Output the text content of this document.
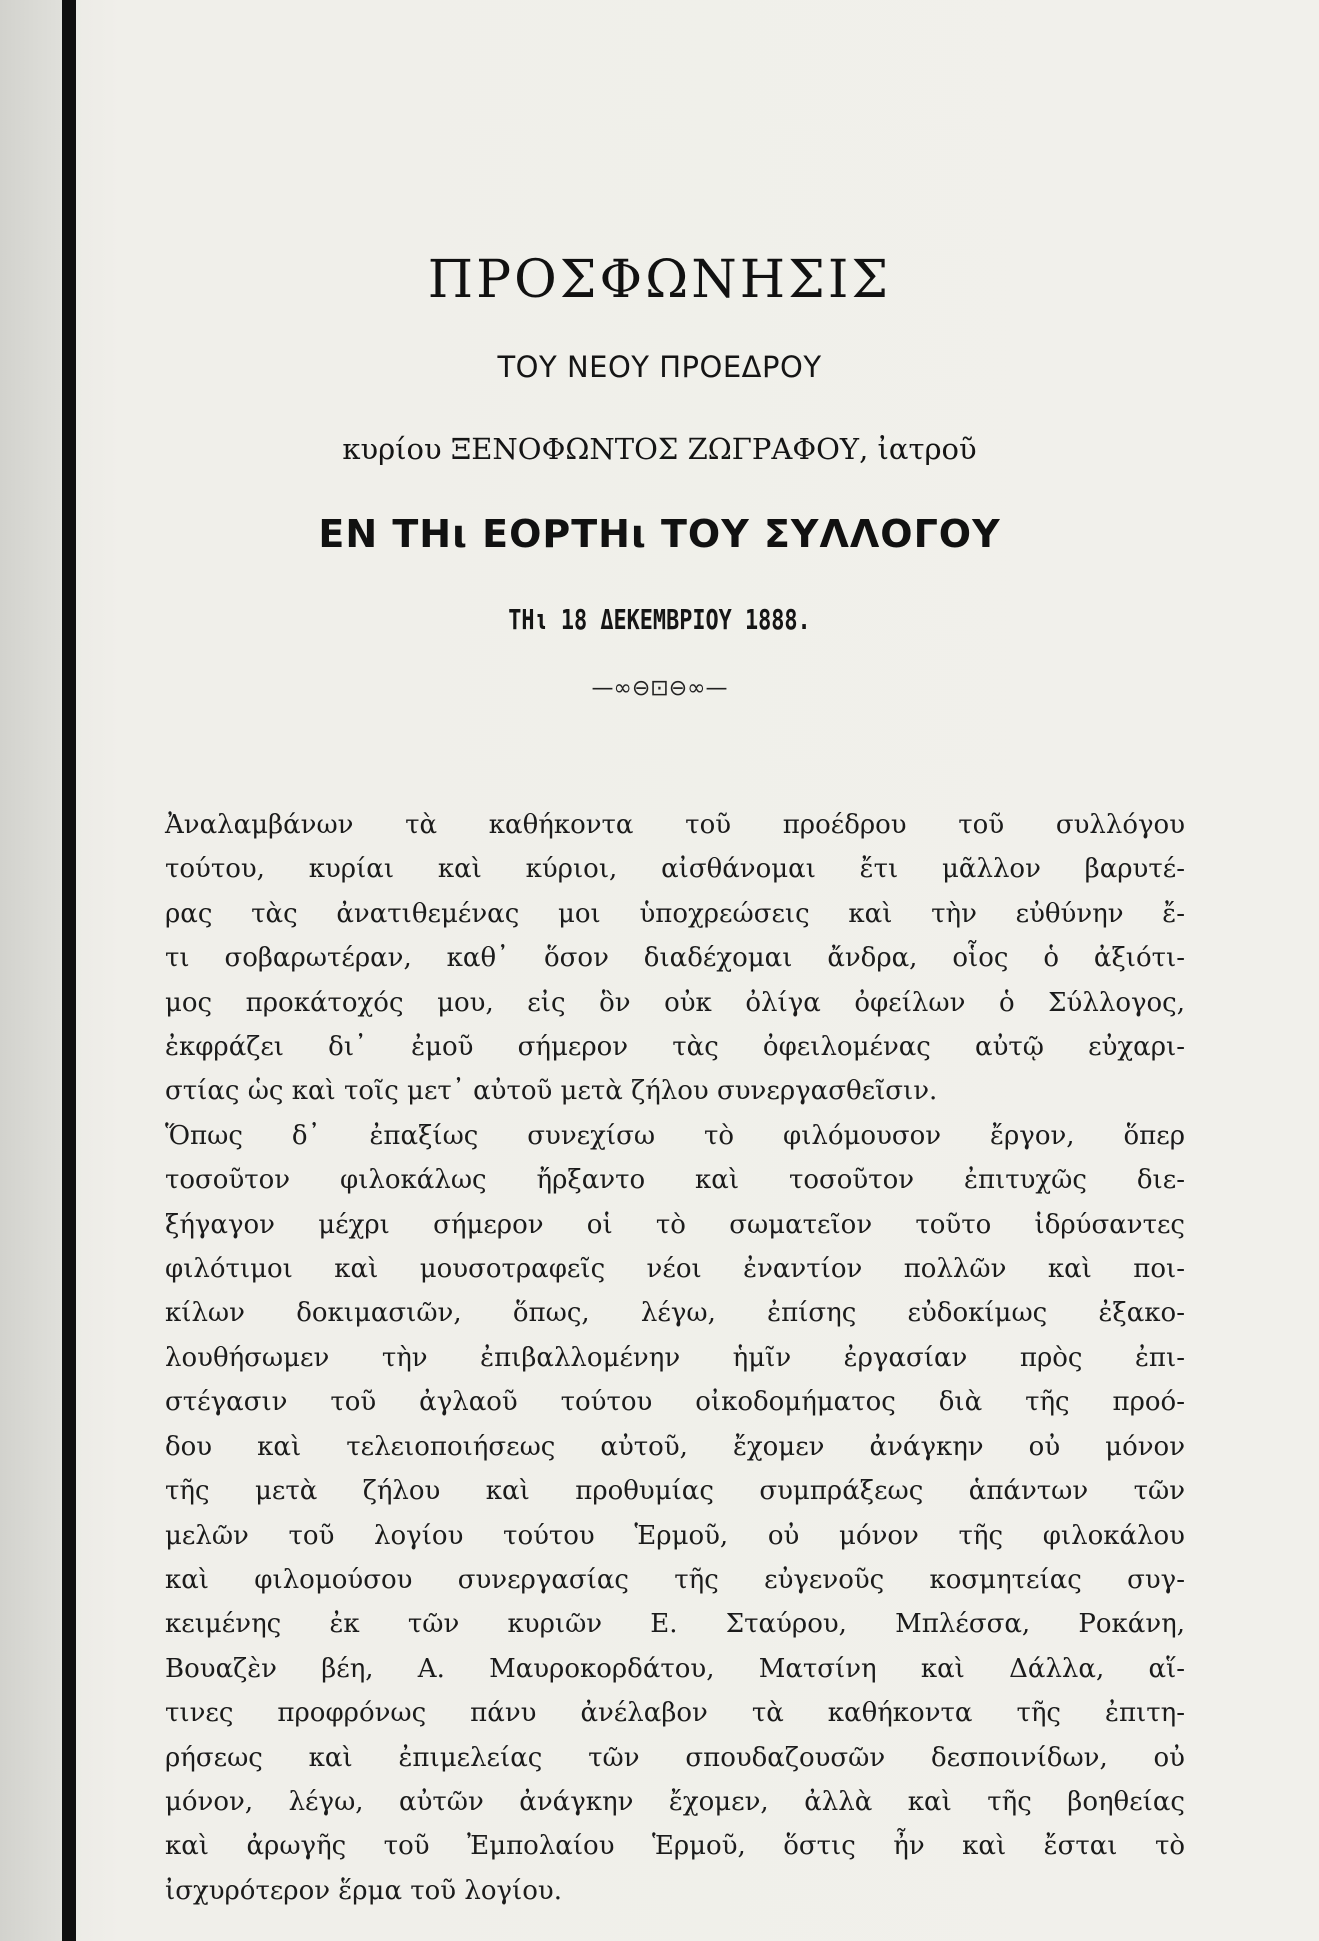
ΠΡΟΣΦΩΝΗΣΙΣ
ΤΟΥ ΝΕΟΥ ΠΡΟΕΔΡΟΥ
κυρίου ΞΕΝΟΦΩΝΤΟΣ ΖΩΓΡΑΦΟΥ, ἰατροῦ
ΕΝ ΤΗι ΕΟΡΤΗι ΤΟΥ ΣΥΛΛΟΓΟΥ
ΤΗι 18 ΔΕΚΕΜΒΡΙΟΥ 1888.
—∞⊖⊡⊖∞—
Ἀναλαμβάνων τὰ καθήκοντα τοῦ προέδρου τοῦ συλλόγου
τούτου, κυρίαι καὶ κύριοι, αἰσθάνομαι ἔτι μᾶλλον βαρυτέ-
ρας τὰς ἀνατιθεμένας μοι ὑποχρεώσεις καὶ τὴν εὐθύνην ἔ-
τι σοβαρωτέραν, καθ᾽ ὅσον διαδέχομαι ἄνδρα, οἷος ὁ ἀξιότι-
μος προκάτοχός μου, εἰς ὃν οὐκ ὀλίγα ὀφείλων ὁ Σύλλογος,
ἐκφράζει δι᾽ ἐμοῦ σήμερον τὰς ὀφειλομένας αὐτῷ εὐχαρι-
στίας ὡς καὶ τοῖς μετ᾽ αὐτοῦ μετὰ ζήλου συνεργασθεῖσιν.
Ὅπως δ᾽ ἐπαξίως συνεχίσω τὸ φιλόμουσον ἔργον, ὅπερ
τοσοῦτον φιλοκάλως ἤρξαντο καὶ τοσοῦτον ἐπιτυχῶς διε-
ξήγαγον μέχρι σήμερον οἱ τὸ σωματεῖον τοῦτο ἱδρύσαντες
φιλότιμοι καὶ μουσοτραφεῖς νέοι ἐναντίον πολλῶν καὶ ποι-
κίλων δοκιμασιῶν, ὅπως, λέγω, ἐπίσης εὐδοκίμως ἐξακο-
λουθήσωμεν τὴν ἐπιβαλλομένην ἡμῖν ἐργασίαν πρὸς ἐπι-
στέγασιν τοῦ ἀγλαοῦ τούτου οἰκοδομήματος διὰ τῆς προό-
δου καὶ τελειοποιήσεως αὐτοῦ, ἔχομεν ἀνάγκην οὐ μόνον
τῆς μετὰ ζήλου καὶ προθυμίας συμπράξεως ἁπάντων τῶν
μελῶν τοῦ λογίου τούτου Ἑρμοῦ, οὐ μόνον τῆς φιλοκάλου
καὶ φιλομούσου συνεργασίας τῆς εὐγενοῦς κοσμητείας συγ-
κειμένης ἐκ τῶν κυριῶν Ε. Σταύρου, Μπλέσσα, Ροκάνη,
Βουαζὲν βέη, Α. Μαυροκορδάτου, Ματσίνη καὶ Δάλλα, αἵ-
τινες προφρόνως πάνυ ἀνέλαβον τὰ καθήκοντα τῆς ἐπιτη-
ρήσεως καὶ ἐπιμελείας τῶν σπουδαζουσῶν δεσποινίδων, οὐ
μόνον, λέγω, αὐτῶν ἀνάγκην ἔχομεν, ἀλλὰ καὶ τῆς βοηθείας
καὶ ἀρωγῆς τοῦ Ἐμπολαίου Ἑρμοῦ, ὅστις ἦν καὶ ἔσται τὸ
ἰσχυρότερον ἕρμα τοῦ λογίου.
